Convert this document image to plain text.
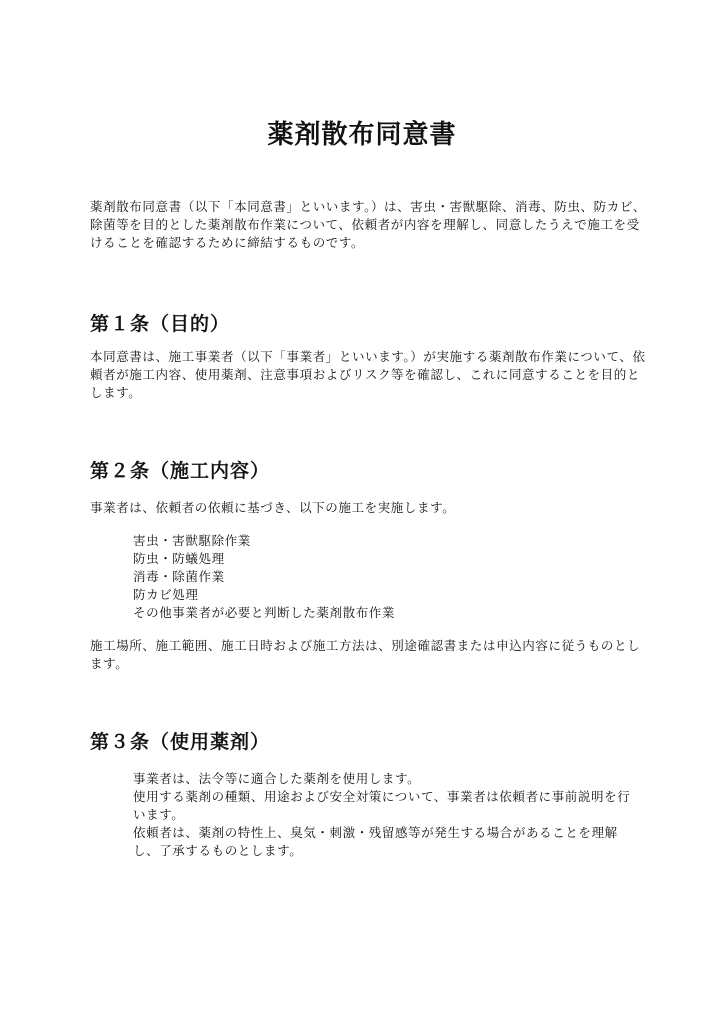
薬剤散布同意書

薬剤散布同意書（以下「本同意書」といいます。）は、害虫・害獣駆除、消毒、防虫、防カビ、除菌等を目的とした薬剤散布作業について、依頼者が内容を理解し、同意したうえで施工を受けることを確認するために締結するものです。

第１条（目的）

本同意書は、施工事業者（以下「事業者」といいます。）が実施する薬剤散布作業について、依頼者が施工内容、使用薬剤、注意事項およびリスク等を確認し、これに同意することを目的とします。

第２条（施工内容）

事業者は、依頼者の依頼に基づき、以下の施工を実施します。

害虫・害獣駆除作業
防虫・防蟻処理
消毒・除菌作業
防カビ処理
その他事業者が必要と判断した薬剤散布作業

施工場所、施工範囲、施工日時および施工方法は、別途確認書または申込内容に従うものとします。

第３条（使用薬剤）

事業者は、法令等に適合した薬剤を使用します。

使用する薬剤の種類、用途および安全対策について、事業者は依頼者に事前説明を行います。

依頼者は、薬剤の特性上、臭気・刺激・残留感等が発生する場合があることを理解し、了承するものとします。
